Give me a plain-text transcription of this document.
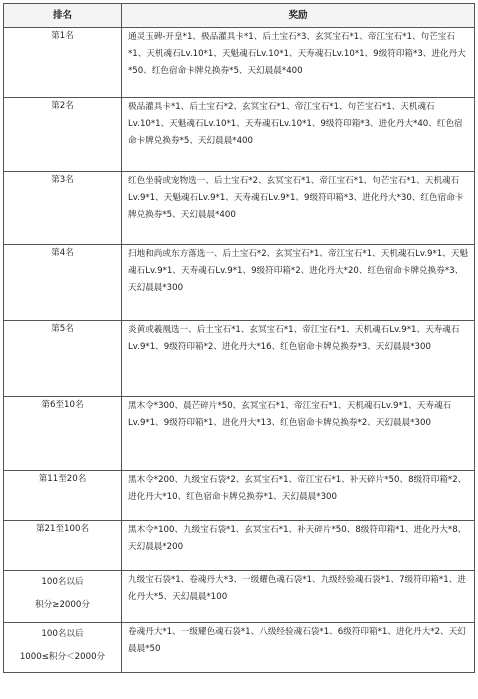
排名	奖励
第1名	通灵玉碑-开皇*1、极品灌具卡*1、后土宝石*3、玄冥宝石*1、帝江宝石*1、句芒宝石*1、天机魂石Lv.10*1、天魁魂石Lv.10*1、天寿魂石Lv.10*1、9级符印箱*3、进化丹大*50、红色宿命卡牌兑换券*5、天幻晨晨*400
第2名	极品灌具卡*1、后土宝石*2、玄冥宝石*1、帝江宝石*1、句芒宝石*1、天机魂石Lv.10*1、天魁魂石Lv.10*1、天寿魂石Lv.10*1、9级符印箱*3、进化丹大*40、红色宿命卡牌兑换券*5、天幻晨晨*400
第3名	红色坐骑或宠物选一、后土宝石*2、玄冥宝石*1、帝江宝石*1、句芒宝石*1、天机魂石Lv.9*1、天魁魂石Lv.9*1、天寿魂石Lv.9*1、9级符印箱*3、进化丹大*30、红色宿命卡牌兑换券*5、天幻晨晨*400
第4名	扫地和尚或东方落选一、后土宝石*2、玄冥宝石*1、帝江宝石*1、天机魂石Lv.9*1、天魁魂石Lv.9*1、天寿魂石Lv.9*1、9级符印箱*2、进化丹大*20、红色宿命卡牌兑换券*3、天幻晨晨*300
第5名	炎黄或羲凰选一、后土宝石*1、玄冥宝石*1、帝江宝石*1、天机魂石Lv.9*1、天寿魂石Lv.9*1、9级符印箱*2、进化丹大*16、红色宿命卡牌兑换券*3、天幻晨晨*300
第6至10名	黑木令*300、晨芒碎片*50、玄冥宝石*1、帝江宝石*1、天机魂石Lv.9*1、天寿魂石Lv.9*1、9级符印箱*1、进化丹大*13、红色宿命卡牌兑换券*2、天幻晨晨*300
第11至20名	黑木令*200、九级宝石袋*2、玄冥宝石*1、帝江宝石*1、补天碎片*50、8级符印箱*2、进化丹大*10、红色宿命卡牌兑换券*1、天幻晨晨*300
第21至100名	黑木令*100、九级宝石袋*1、玄冥宝石*1、补天碎片*50、8级符印箱*1、进化丹大*8、天幻晨晨*200

100名以后
积分≥2000分	九级宝石袋*1、卷魂丹大*3、一级耀色魂石袋*1、九级经验魂石袋*1、7级符印箱*1、进化丹大*5、天幻晨晨*100

100名以后
1000≤积分＜2000分	卷魂丹大*1、一级耀色魂石袋*1、八级经验魂石袋*1、6级符印箱*1、进化丹大*2、天幻晨晨*50
